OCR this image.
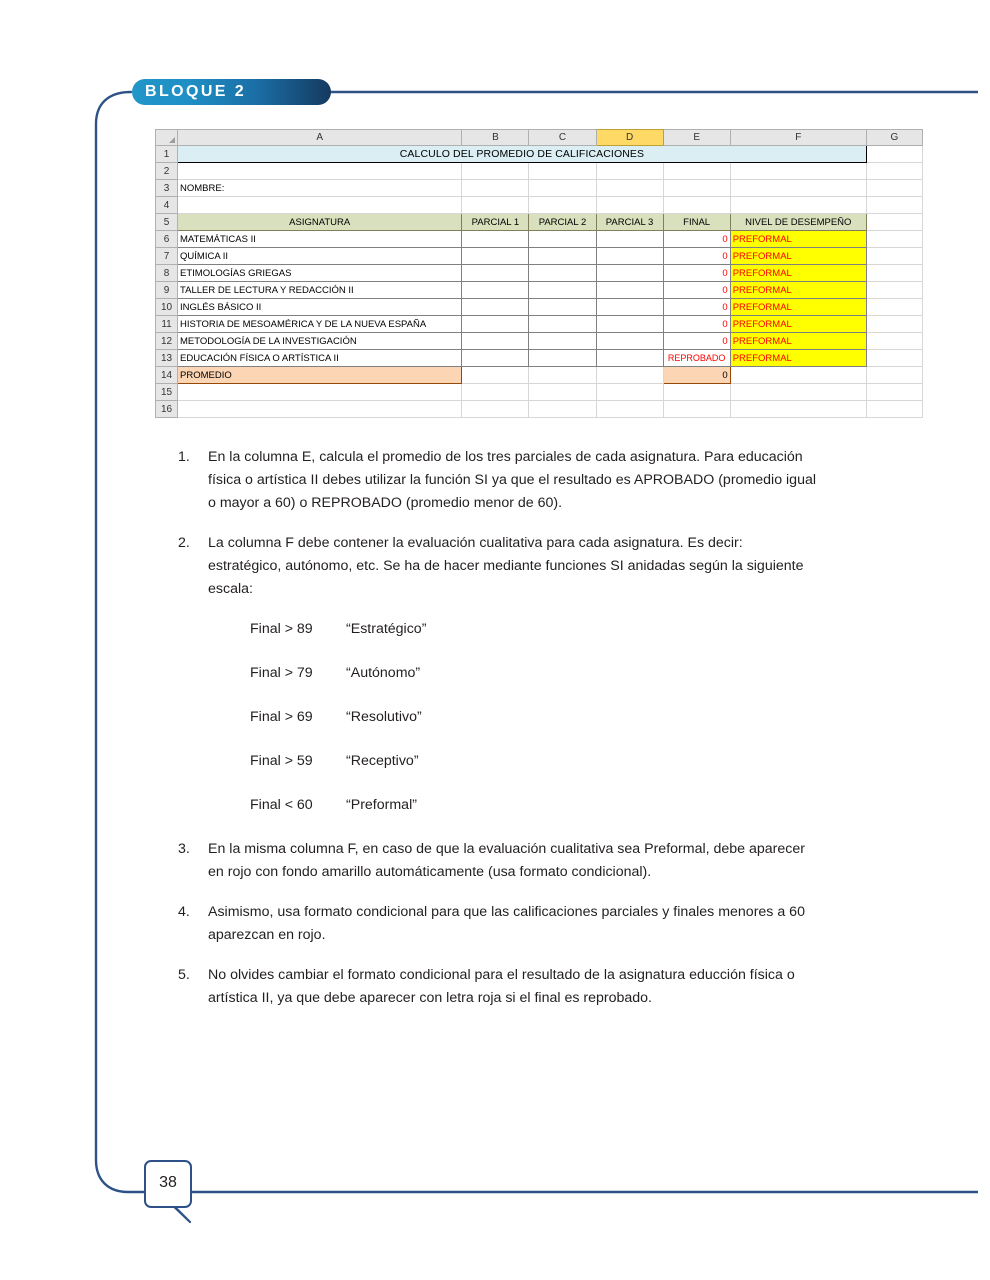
BLOQUE 2
38
	A	B	C	D	E	F	G
1	CALCULO DEL PROMEDIO DE CALIFICACIONES						
2							
3	NOMBRE:						
4							
5	ASIGNATURA	PARCIAL 1	PARCIAL 2	PARCIAL 3	FINAL	NIVEL DE DESEMPEÑO	
6	MATEMÁTICAS II				0	PREFORMAL	
7	QUÍMICA II				0	PREFORMAL	
8	ETIMOLOGÍAS GRIEGAS				0	PREFORMAL	
9	TALLER DE LECTURA Y REDACCIÓN II				0	PREFORMAL	
10	INGLÉS BÁSICO II				0	PREFORMAL	
11	HISTORIA DE MESOAMÉRICA Y DE LA NUEVA ESPAÑA				0	PREFORMAL	
12	METODOLOGÍA DE LA INVESTIGACIÓN				0	PREFORMAL	
13	EDUCACIÓN FÍSICA O ARTÍSTICA II				REPROBADO	PREFORMAL	
14	PROMEDIO				0		
15							
16							
1.	En la columna E, calcula el promedio de los tres parciales de cada asignatura. Para educación física o artística II debes utilizar la función SI ya que el resultado es APROBADO (promedio igual o mayor a 60) o REPROBADO (promedio menor de 60).
2.	La columna F debe contener la evaluación cualitativa para cada asignatura. Es decir: estratégico, autónomo, etc. Se ha de hacer mediante funciones SI anidadas según la siguiente escala:
Final > 89	“Estratégico”
Final > 79	“Autónomo”
Final > 69	“Resolutivo”
Final > 59	“Receptivo”
Final < 60	“Preformal”
3.	En la misma columna F, en caso de que la evaluación cualitativa sea Preformal, debe aparecer en rojo con fondo amarillo automáticamente (usa formato condicional).
4.	Asimismo, usa formato condicional para que las calificaciones parciales y finales menores a 60 aparezcan en rojo.
5.	No olvides cambiar el formato condicional para el resultado de la asignatura educción física o artística II, ya que debe aparecer con letra roja si el final es reprobado.
